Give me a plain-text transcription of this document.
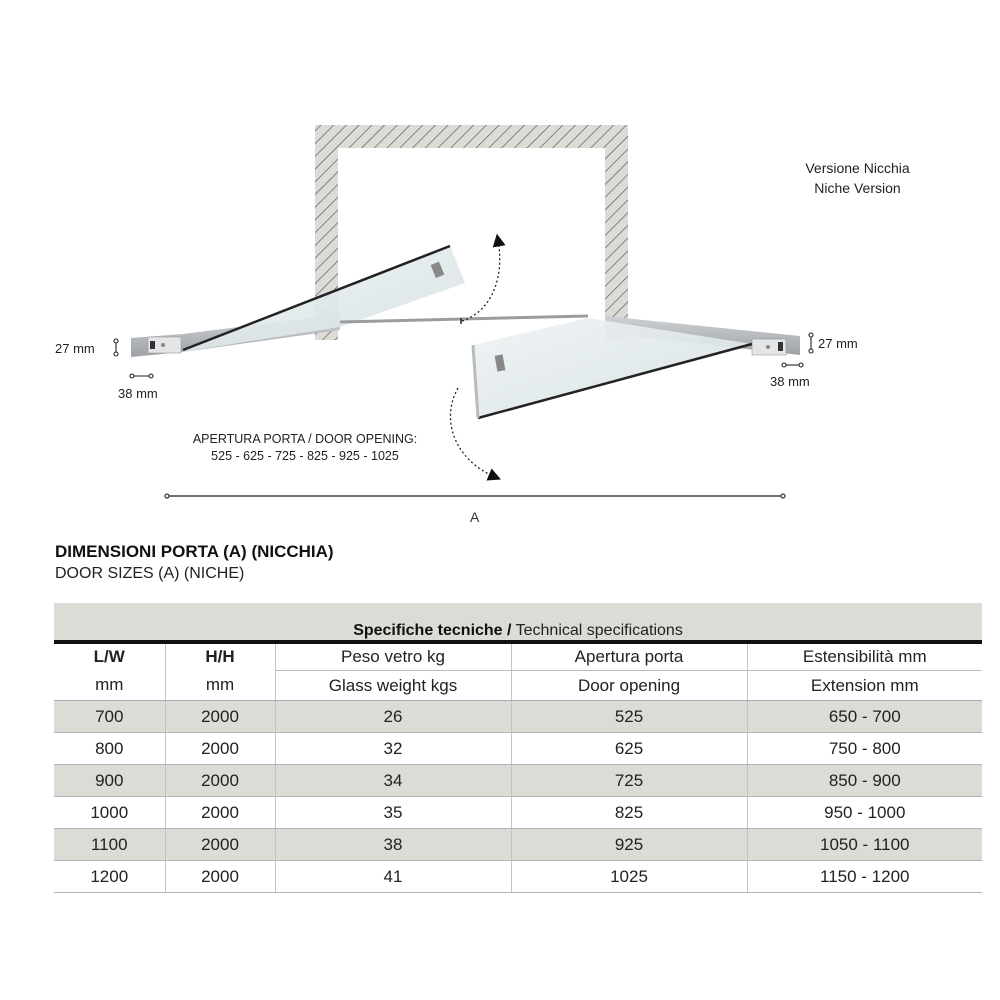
Versione Nicchia
Niche Version
27 mm
38 mm
27 mm
38 mm
APERTURA PORTA / DOOR OPENING:
525 - 625 - 725 - 825 - 925 - 1025
A
DIMENSIONI PORTA (A) (NICCHIA)
DOOR SIZES (A) (NICHE)
Specifiche tecniche / Technical specifications				
L/W	H/H	Peso vetro kg	Apertura porta	Estensibilità mm
mm	mm	Glass weight kgs	Door opening	Extension mm
700	2000	26	525	650 - 700
800	2000	32	625	750 - 800
900	2000	34	725	850 - 900
1000	2000	35	825	950 - 1000
1100	2000	38	925	1050 - 1100
1200	2000	41	1025	1150 - 1200
